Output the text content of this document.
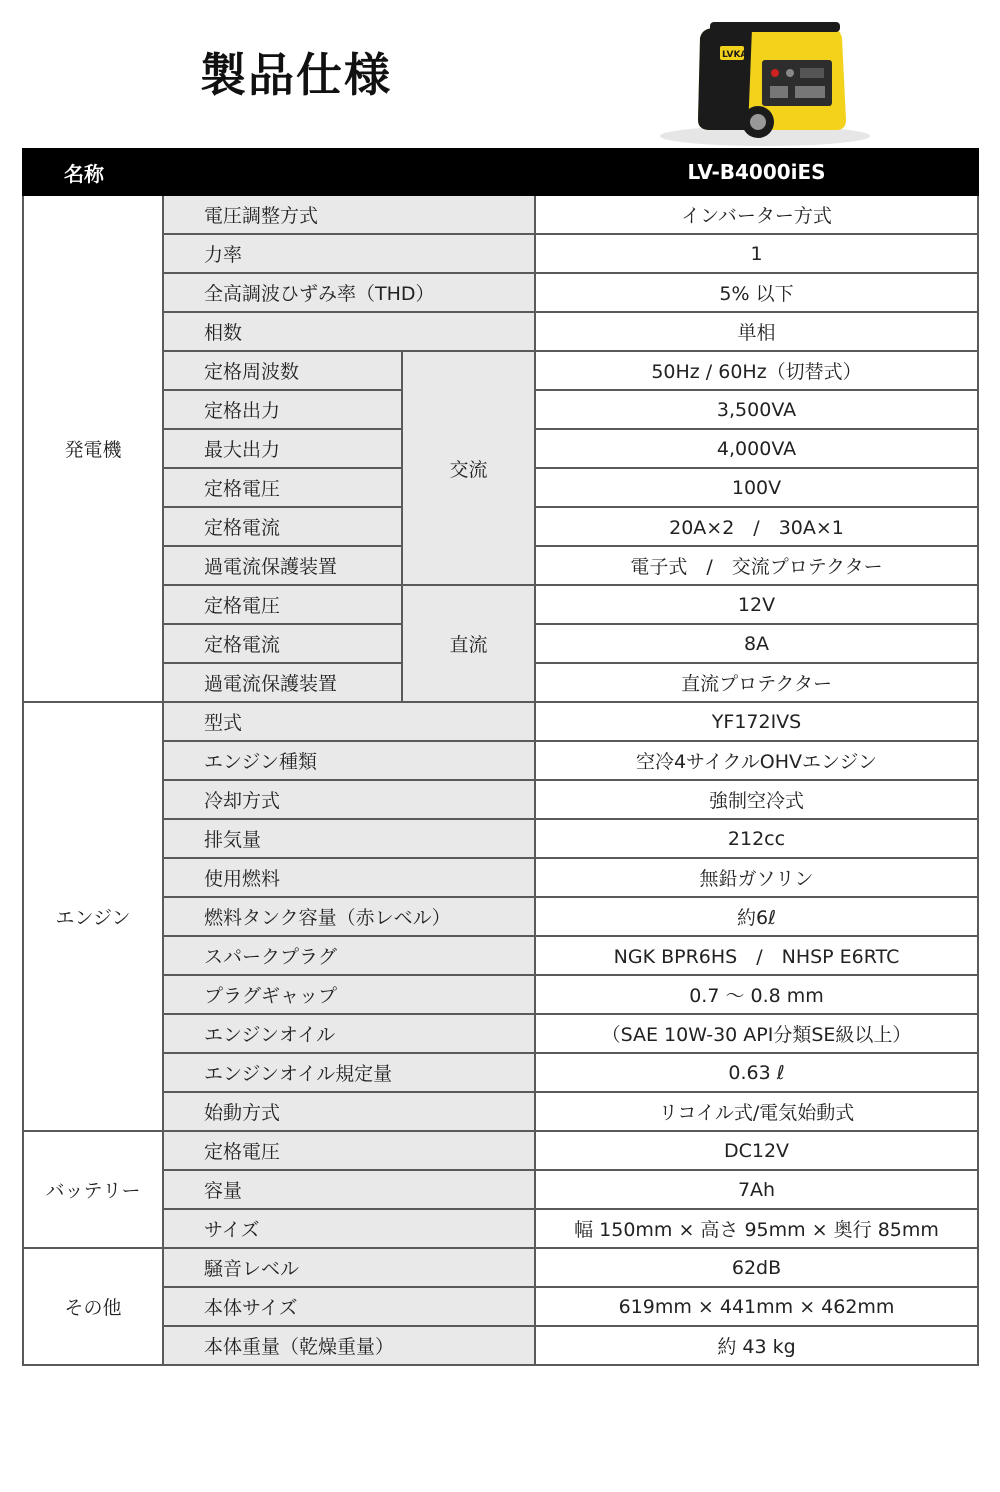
製品仕様	LVKAI
名称			LV-B4000iES
発電機	電圧調整方式		インバーター方式
	力率		1
	全高調波ひずみ率（THD）		5% 以下
	相数		単相
	定格周波数	交流	50Hz / 60Hz（切替式）
	定格出力		3,500VA
	最大出力		4,000VA
	定格電圧		100V
	定格電流		20A×2　/　30A×1
	過電流保護装置		電子式　/　交流プロテクター
	定格電圧	直流	12V
	定格電流		8A
	過電流保護装置		直流プロテクター
エンジン	型式		YF172IVS
	エンジン種類		空冷4サイクルOHVエンジン
	冷却方式		強制空冷式
	排気量		212cc
	使用燃料		無鉛ガソリン
	燃料タンク容量（赤レベル）		約6ℓ
	スパークプラグ		NGK BPR6HS　/　NHSP E6RTC
	プラグギャップ		0.7 ～ 0.8 mm
	エンジンオイル		（SAE 10W-30 API分類SE級以上）
	エンジンオイル規定量		0.63 ℓ
	始動方式		リコイル式/電気始動式
バッテリー	定格電圧		DC12V
	容量		7Ah
	サイズ		幅 150mm × 高さ 95mm × 奥行 85mm
その他	騒音レベル		62dB
	本体サイズ		619mm × 441mm × 462mm
	本体重量（乾燥重量）		約 43 kg
